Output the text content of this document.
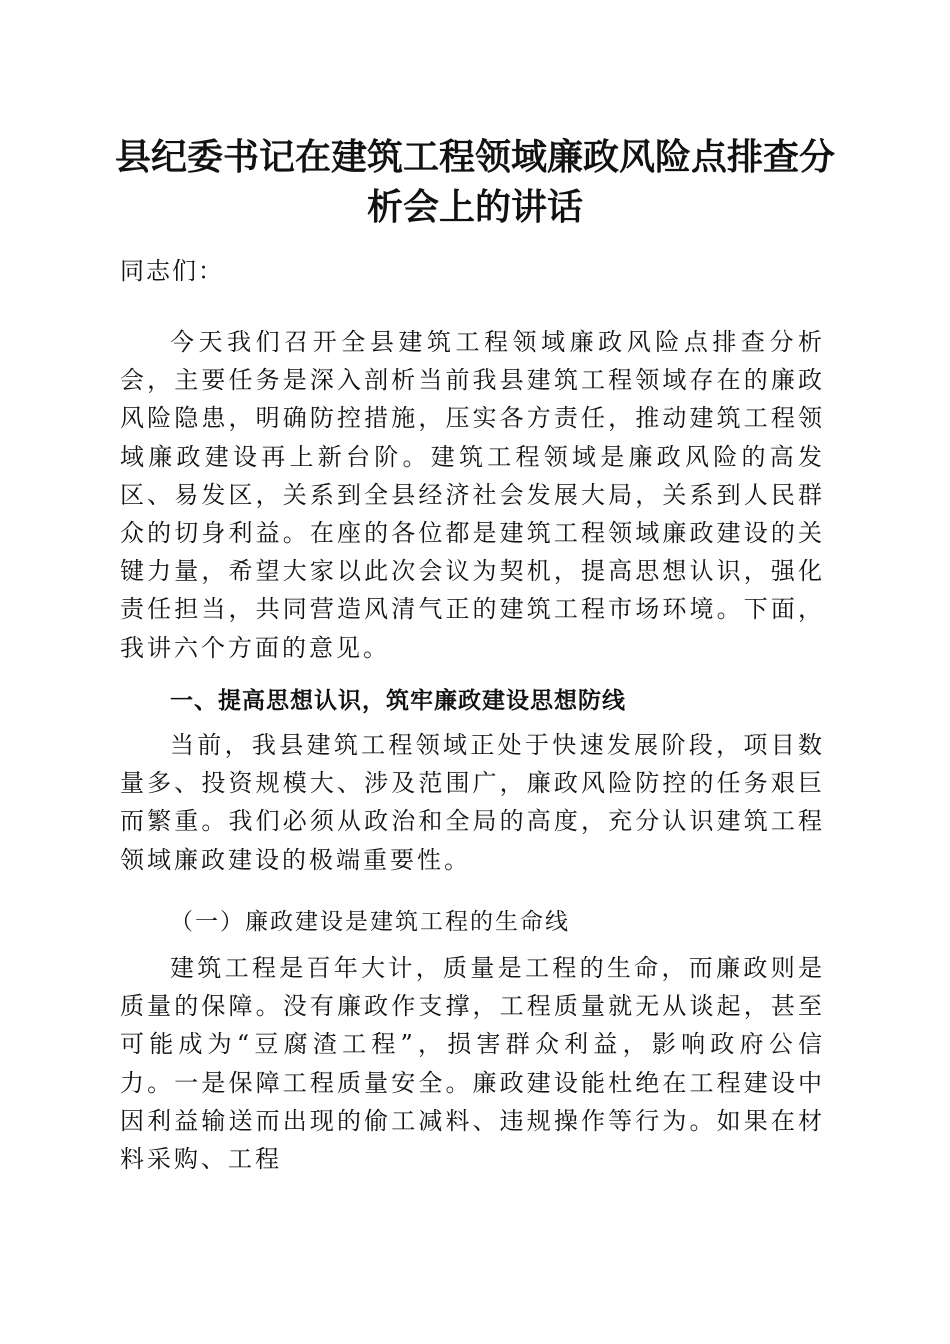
县纪委书记在建筑工程领域廉政风险点排查分
析会上的讲话

同志们：

今天我们召开全县建筑工程领域廉政风险点排查分析会，主要任务是深入剖析当前我县建筑工程领域存在的廉政风险隐患，明确防控措施，压实各方责任，推动建筑工程领域廉政建设再上新台阶。建筑工程领域是廉政风险的高发区、易发区，关系到全县经济社会发展大局，关系到人民群众的切身利益。在座的各位都是建筑工程领域廉政建设的关键力量，希望大家以此次会议为契机，提高思想认识，强化责任担当，共同营造风清气正的建筑工程市场环境。下面，我讲六个方面的意见。

一、提高思想认识，筑牢廉政建设思想防线

当前，我县建筑工程领域正处于快速发展阶段，项目数量多、投资规模大、涉及范围广，廉政风险防控的任务艰巨而繁重。我们必须从政治和全局的高度，充分认识建筑工程领域廉政建设的极端重要性。

（一）廉政建设是建筑工程的生命线

建筑工程是百年大计，质量是工程的生命，而廉政则是质量的保障。没有廉政作支撑，工程质量就无从谈起，甚至可能成为“豆腐渣工程”，损害群众利益，影响政府公信力。一是保障工程质量安全。廉政建设能杜绝在工程建设中因利益输送而出现的偷工减料、违规操作等行为。如果在材料采购、工程
